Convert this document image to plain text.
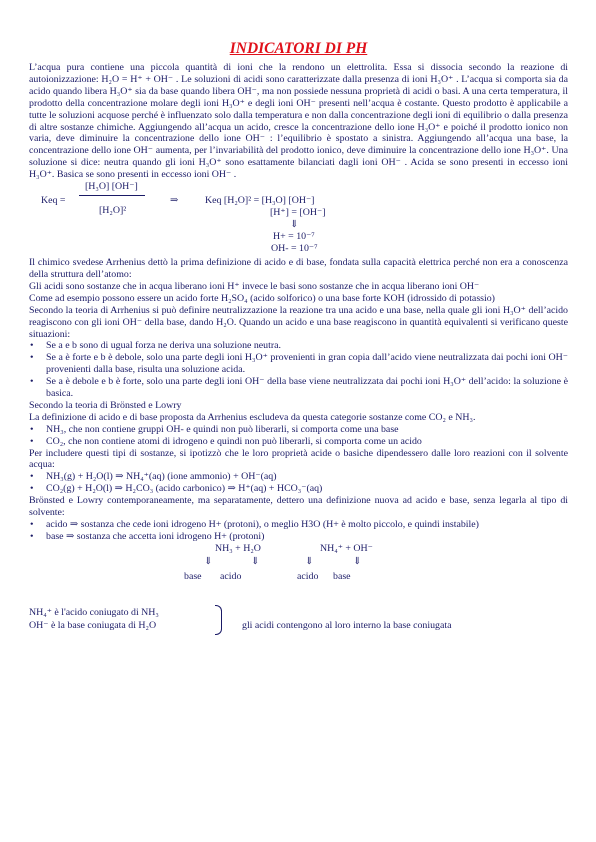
INDICATORI DI PH

L’acqua pura contiene una piccola quantità di ioni che la rendono un elettrolita. Essa si dissocia secondo la reazione di autoionizzazione: H₂O = H⁺ + OH⁻ . Le soluzioni di acidi sono caratterizzate dalla presenza di ioni H₃O⁺ . L’acqua si comporta sia da acido quando libera H₃O⁺ sia da base quando libera OH⁻, ma non possiede nessuna proprietà di acidi o basi. A una certa temperatura, il prodotto della concentrazione molare degli ioni H₃O⁺ e degli ioni OH⁻ presenti nell’acqua è costante. Questo prodotto è applicabile a tutte le soluzioni acquose perché è influenzato solo dalla temperatura e non dalla concentrazione degli ioni di equilibrio o dalla presenza di altre sostanze chimiche. Aggiungendo all’acqua un acido, cresce la concentrazione dello ione H₃O⁺ e poiché il prodotto ionico non varia, deve diminuire la concentrazione dello ione OH⁻ : l’equilibrio è spostato a sinistra. Aggiungendo all’acqua una base, la concentrazione dello ione OH⁻ aumenta, per l’invariabilità del prodotto ionico, deve diminuire la concentrazione dello ione H₃O⁺. Una soluzione si dice: neutra quando gli ioni H₃O⁺ sono esattamente bilanciati dagli ioni OH⁻ . Acida se sono presenti in eccesso ioni H₃O⁺. Basica se sono presenti in eccesso ioni OH⁻ .

Keq =
[H₃O] [OH⁻]
[H₂O]²
⇒	Keq [H₂O]² = [H₃O] [OH⁻]
[H⁺] = [OH⁻]
⇓
H+ = 10⁻⁷
OH- = 10⁻⁷

Il chimico svedese Arrhenius dettò la prima definizione di acido e di base, fondata sulla capacità elettrica perché non era a conoscenza della struttura dell’atomo:

Gli acidi sono sostanze che in acqua liberano ioni H⁺ invece le basi sono sostanze che in acqua liberano ioni OH⁻

Come ad esempio possono essere un acido forte H₂SO₄ (acido solforico) o una base forte KOH (idrossido di potassio)

Secondo la teoria di Arrhenius si può definire neutralizzazione la reazione tra una acido e una base, nella quale gli ioni H₃O⁺ dell’acido reagiscono con gli ioni OH⁻ della base, dando H₂O. Quando un acido e una base reagiscono in quantità equivalenti si verificano queste situazioni:

• Se a e b sono di ugual forza ne deriva una soluzione neutra.
• Se a è forte e b è debole, solo una parte degli ioni H₃O⁺ provenienti in gran copia dall’acido viene neutralizzata dai pochi ioni OH⁻ provenienti dalla base, risulta una soluzione acida.
• Se a è debole e b è forte, solo una parte degli ioni OH⁻ della base viene neutralizzata dai pochi ioni H₃O⁺ dell’acido: la soluzione è basica.

Secondo la teoria di Brönsted e Lowry

La definizione di acido e di base proposta da Arrhenius escludeva da questa categorie sostanze come CO₂ e NH₃.

• NH₃, che non contiene gruppi OH- e quindi non può liberarli, si comporta come una base
• CO₂, che non contiene atomi di idrogeno e quindi non può liberarli, si comporta come un acido

Per includere questi tipi di sostanze, si ipotizzò che le loro proprietà acide o basiche dipendessero dalle loro reazioni con il solvente acqua:

• NH₃(g) + H₂O(l) ⇒ NH₄⁺(aq) (ione ammonio) + OH⁻(aq)
• CO₂(g) + H₂O(l) ⇒ H₂CO₃ (acido carbonico) ⇒ H⁺(aq) + HCO₃⁻(aq)

Brönsted e Lowry contemporaneamente, ma separatamente, dettero una definizione nuova ad acido e base, senza legarla al tipo di solvente:

• acido ⇒ sostanza che cede ioni idrogeno H+ (protoni), o meglio H3O (H+ è molto piccolo, e quindi instabile)
• base ⇒ sostanza che accetta ioni idrogeno H+ (protoni)
NH₃ + H₂O	NH₄⁺ + OH⁻
⇓	⇓	⇓	⇓
base acido	acido base
NH₄⁺ è l'acido coniugato di NH₃
OH⁻ è la base coniugata di H₂O	gli acidi contengono al loro interno la base coniugata
